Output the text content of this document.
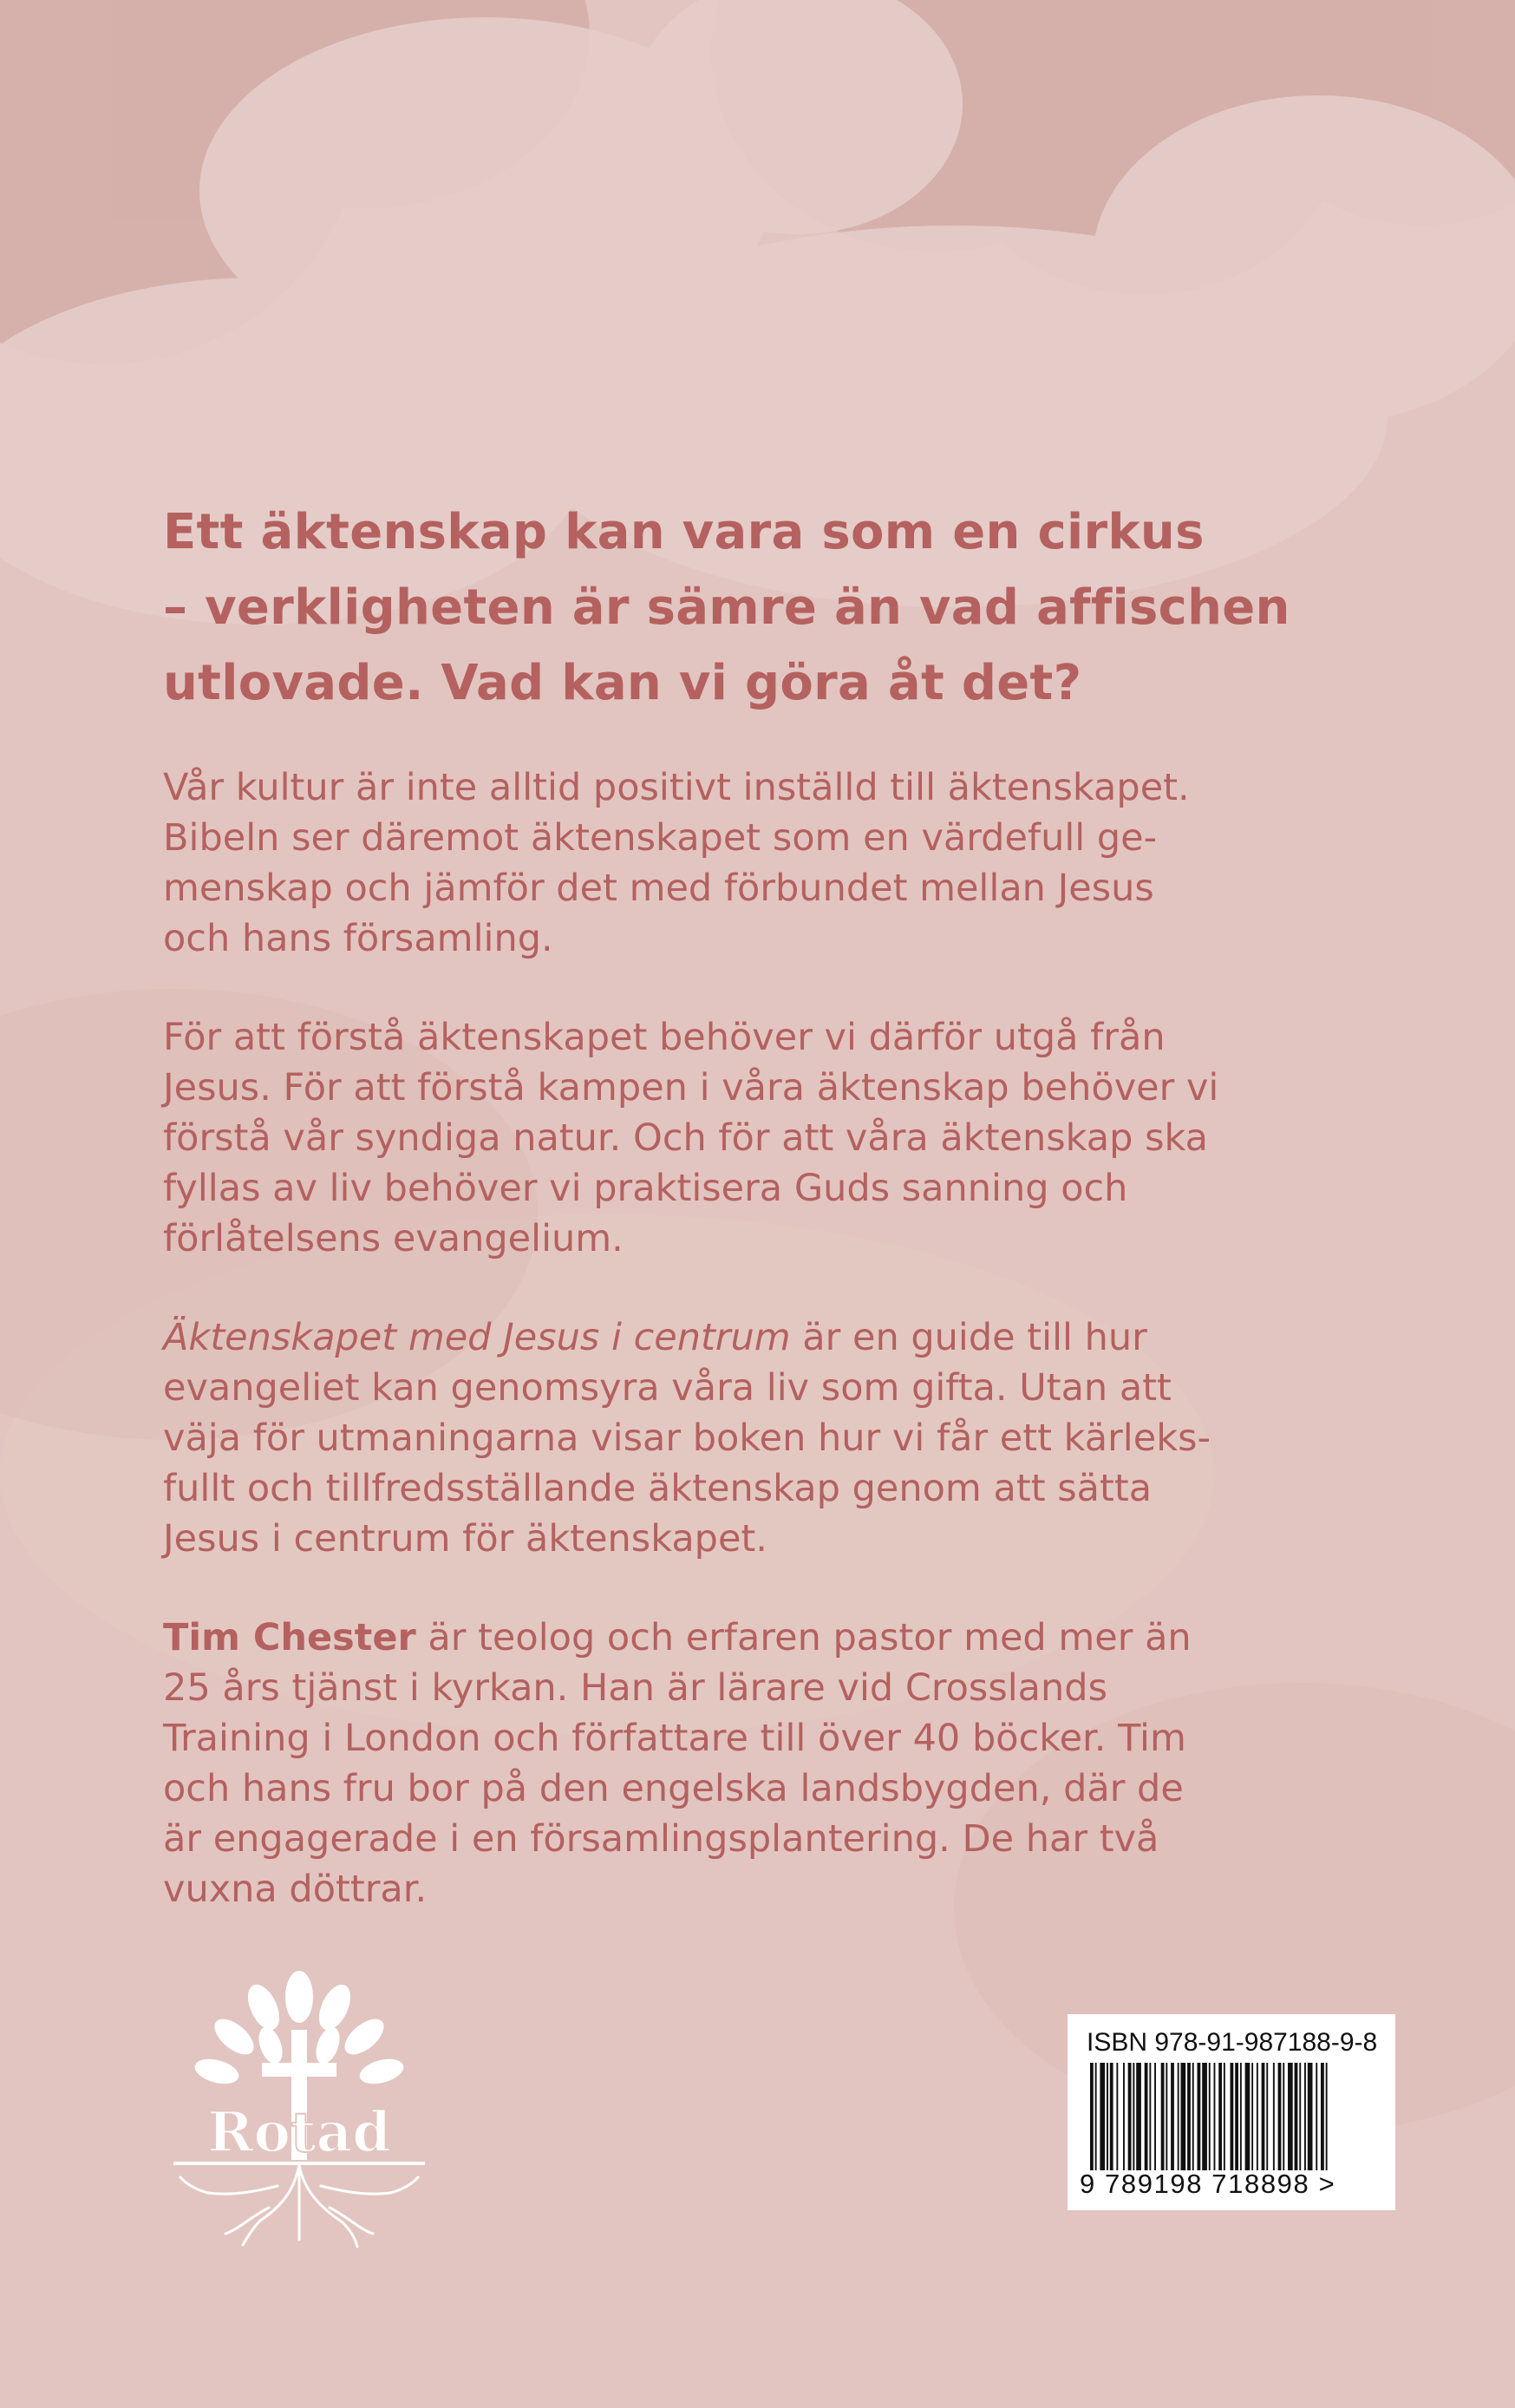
Ett äktenskap kan vara som en cirkus
– verkligheten är sämre än vad affischen
utlovade. Vad kan vi göra åt det?

Vår kultur är inte alltid positivt inställd till äktenskapet.
Bibeln ser däremot äktenskapet som en värdefull ge-
menskap och jämför det med förbundet mellan Jesus
och hans församling.

För att förstå äktenskapet behöver vi därför utgå från
Jesus. För att förstå kampen i våra äktenskap behöver vi
förstå vår syndiga natur. Och för att våra äktenskap ska
fyllas av liv behöver vi praktisera Guds sanning och
förlåtelsens evangelium.

Äktenskapet med Jesus i centrum är en guide till hur
evangeliet kan genomsyra våra liv som gifta. Utan att
väja för utmaningarna visar boken hur vi får ett kärleks-
fullt och tillfredsställande äktenskap genom att sätta
Jesus i centrum för äktenskapet.

Tim Chester är teolog och erfaren pastor med mer än
25 års tjänst i kyrkan. Han är lärare vid Crosslands
Training i London och författare till över 40 böcker. Tim
och hans fru bor på den engelska landsbygden, där de
är engagerade i en församlingsplantering. De har två
vuxna döttrar.

Rotad
ISBN 978-91-987188-9-8
9 789198 718898 >
